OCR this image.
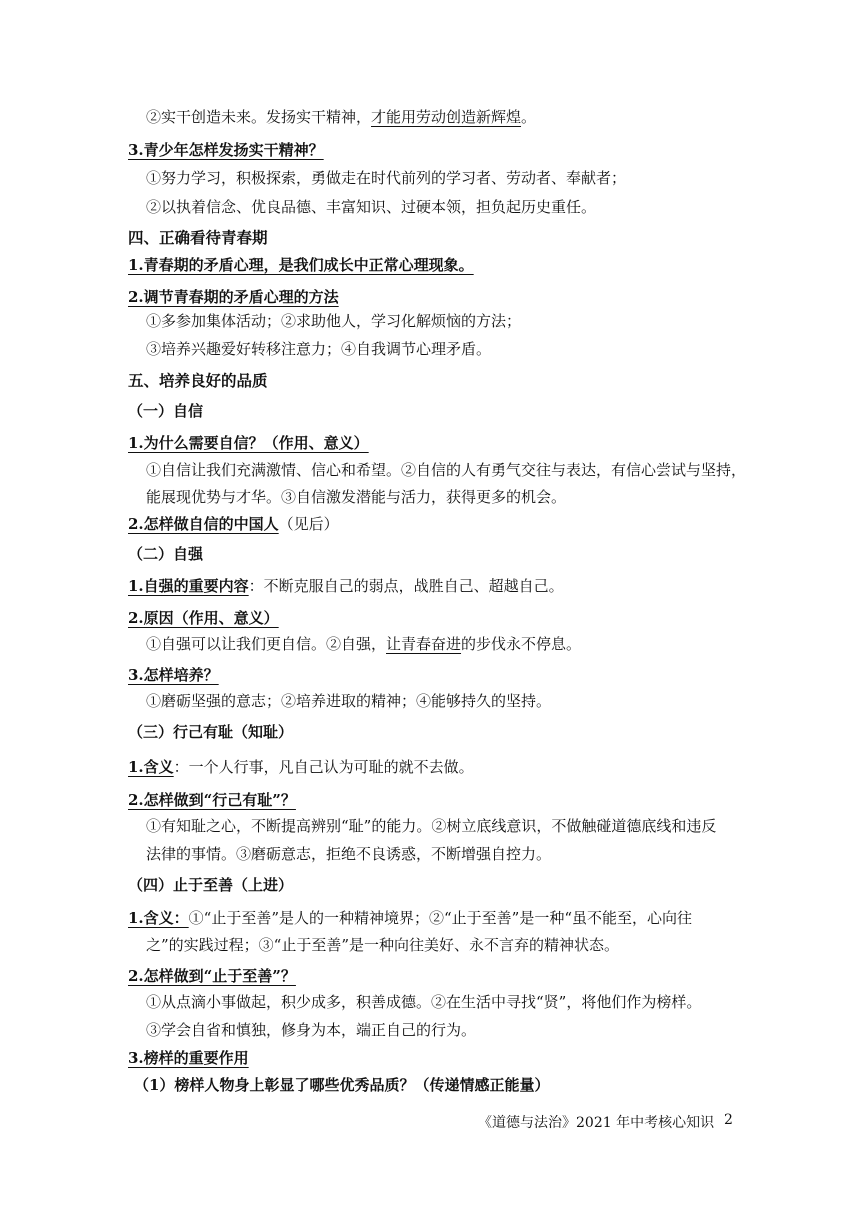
②实干创造未来。发扬实干精神，才能用劳动创造新辉煌。
3.青少年怎样发扬实干精神？
①努力学习，积极探索，勇做走在时代前列的学习者、劳动者、奉献者；
②以执着信念、优良品德、丰富知识、过硬本领，担负起历史重任。
四、正确看待青春期
1.青春期的矛盾心理，是我们成长中正常心理现象。
2.调节青春期的矛盾心理的方法
①多参加集体活动；②求助他人，学习化解烦恼的方法；
③培养兴趣爱好转移注意力；④自我调节心理矛盾。
五、培养良好的品质
（一）自信
1.为什么需要自信？（作用、意义）
①自信让我们充满激情、信心和希望。②自信的人有勇气交往与表达，有信心尝试与坚持，
能展现优势与才华。③自信激发潜能与活力，获得更多的机会。
2.怎样做自信的中国人（见后）
（二）自强
1.自强的重要内容：不断克服自己的弱点，战胜自己、超越自己。
2.原因（作用、意义）
①自强可以让我们更自信。②自强，让青春奋进的步伐永不停息。
3.怎样培养？
①磨砺坚强的意志；②培养进取的精神；④能够持久的坚持。
（三）行己有耻（知耻）
1.含义：一个人行事，凡自己认为可耻的就不去做。
2.怎样做到“行己有耻”？
①有知耻之心，不断提高辨别“耻”的能力。②树立底线意识，不做触碰道德底线和违反
法律的事情。③磨砺意志，拒绝不良诱惑，不断增强自控力。
（四）止于至善（上进）
1.含义：①“止于至善”是人的一种精神境界；②“止于至善”是一种“虽不能至，心向往
之”的实践过程；③“止于至善”是一种向往美好、永不言弃的精神状态。
2.怎样做到“止于至善”？
①从点滴小事做起，积少成多，积善成德。②在生活中寻找“贤”，将他们作为榜样。
③学会自省和慎独，修身为本，端正自己的行为。
3.榜样的重要作用
（1）榜样人物身上彰显了哪些优秀品质？（传递情感正能量）
《道德与法治》2021 年中考核心知识 2
